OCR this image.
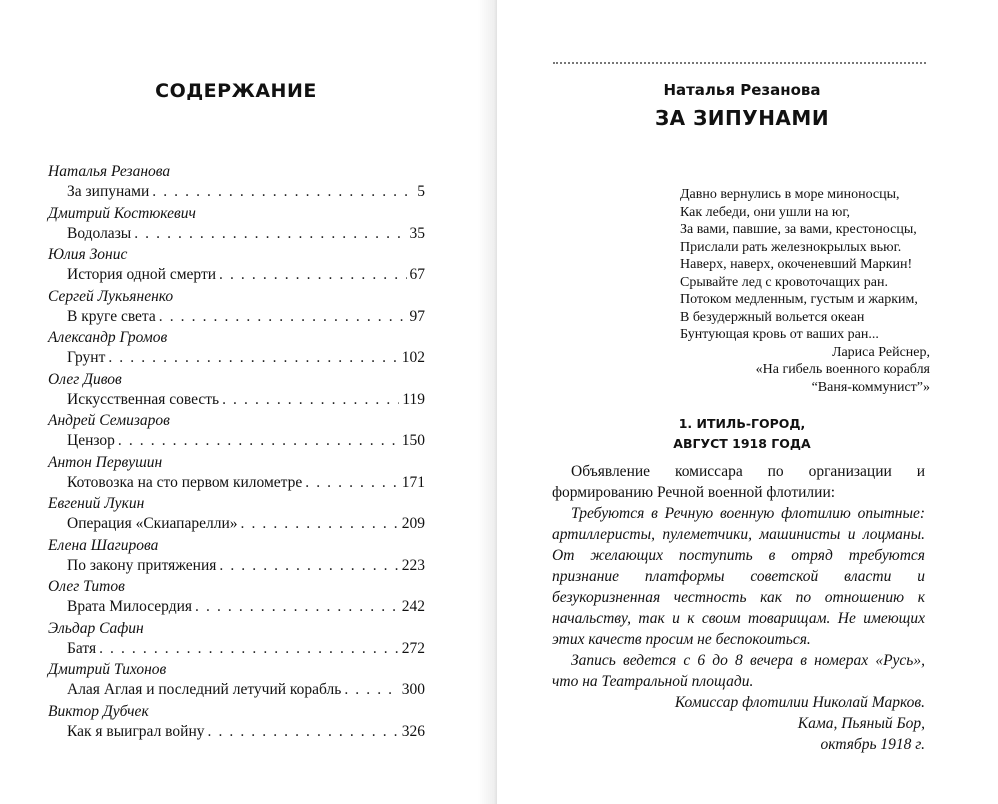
СОДЕРЖАНИЕ
Наталья Резанова
За зипунами . . .	5
Дмитрий Костюкевич
Водолазы . . .	35
Юлия Зонис
История одной смерти . . .	67
Сергей Лукьяненко
В круге света . . .	97
Александр Громов
Грунт . . .	102
Олег Дивов
Искусственная совесть . . .	119
Андрей Семизаров
Цензор . . .	150
Антон Первушин
Котовозка на сто первом километре . . .	171
Евгений Лукин
Операция «Скиапарелли» . . .	209
Елена Шагирова
По закону притяжения . . .	223
Олег Титов
Врата Милосердия . . .	242
Эльдар Сафин
Батя . . .	272
Дмитрий Тихонов
Алая Аглая и последний летучий корабль . . .	300
Виктор Дубчек
Как я выиграл войну . . .	326
Наталья Резанова
ЗА ЗИПУНАМИ
Давно вернулись в море миноносцы,
Как лебеди, они ушли на юг,
За вами, павшие, за вами, крестоносцы,
Прислали рать железнокрылых вьюг.
Наверх, наверх, окоченевший Маркин!
Срывайте лед с кровоточащих ран.
Потоком медленным, густым и жарким,
В безудержный вольется океан
Бунтующая кровь от ваших ран...
Лариса Рейснер,
«На гибель военного корабля
“Ваня-коммунист”»
1. ИТИЛЬ-ГОРОД,
АВГУСТ 1918 ГОДА

Объявление комиссара по организации и формированию Речной военной флотилии:

Требуются в Речную военную флотилию опытные: артиллеристы, пулеметчики, машинисты и лоцманы. От желающих поступить в отряд требуются признание платформы советской власти и безукоризненная честность как по отношению к начальству, так и к своим товарищам. Не имеющих этих качеств просим не беспокоиться.

Запись ведется с 6 до 8 вечера в номерах «Русь», что на Театральной площади.

Комиссар флотилии Николай Марков.

Кама, Пьяный Бор,

октябрь 1918 г.
